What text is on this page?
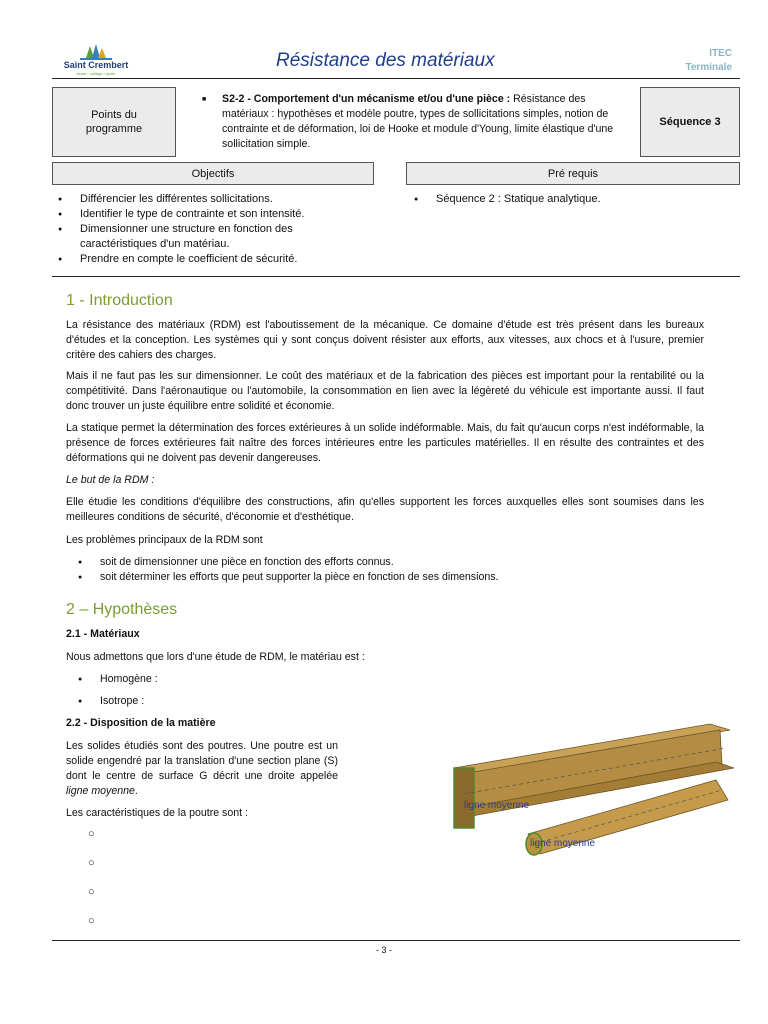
Saint Crembert
école • collège • lycée
Résistance des matériaux	ITEC
Terminale
Points du programme
■	S2-2 - Comportement d'un mécanisme et/ou d'une pièce : Résistance des matériaux : hypothèses et modèle poutre, types de sollicitations simples, notion de contrainte et de déformation, loi de Hooke et module d'Young, limite élastique d'une sollicitation simple.
Séquence 3
Objectifs	Pré requis
● Différencier les différentes sollicitations.
● Identifier le type de contrainte et son intensité.
● Dimensionner une structure en fonction des caractéristiques d'un matériau.
● Prendre en compte le coefficient de sécurité.
● Séquence 2 : Statique analytique.
1 - Introduction

La résistance des matériaux (RDM) est l'aboutissement de la mécanique. Ce domaine d'étude est très présent dans les bureaux d'études et la conception. Les systèmes qui y sont conçus doivent résister aux efforts, aux vitesses, aux chocs et à l'usure, premier critère des cahiers des charges.

Mais il ne faut pas les sur dimensionner. Le coût des matériaux et de la fabrication des pièces est important pour la rentabilité ou la compétitivité. Dans l'aéronautique ou l'automobile, la consommation en lien avec la légèreté du véhicule est importante aussi. Il faut donc trouver un juste équilibre entre solidité et économie.

La statique permet la détermination des forces extérieures à un solide indéformable. Mais, du fait qu'aucun corps n'est indéformable, la présence de forces extérieures fait naître des forces intérieures entre les particules matérielles. Il en résulte des contraintes et des déformations qui ne doivent pas devenir dangereuses.

Le but de la RDM :

Elle étudie les conditions d'équilibre des constructions, afin qu'elles supportent les forces auxquelles elles sont soumises dans les meilleures conditions de sécurité, d'économie et d'esthétique.

Les problèmes principaux de la RDM sont

● soit de dimensionner une pièce en fonction des efforts connus.
● soit déterminer les efforts que peut supporter la pièce en fonction de ses dimensions.
2 – Hypothèses

2.1 - Matériaux

Nous admettons que lors d'une étude de RDM, le matériau est :

● Homogène :
● Isotrope :

2.2 - Disposition de la matière

Les solides étudiés sont des poutres. Une poutre est un solide engendré par la translation d'une section plane (S) dont le centre de surface G décrit une droite appelée ligne moyenne.

Les caractéristiques de la poutre sont :

○
○
○
○
ligne moyenne
ligne moyenne
- 3 -
